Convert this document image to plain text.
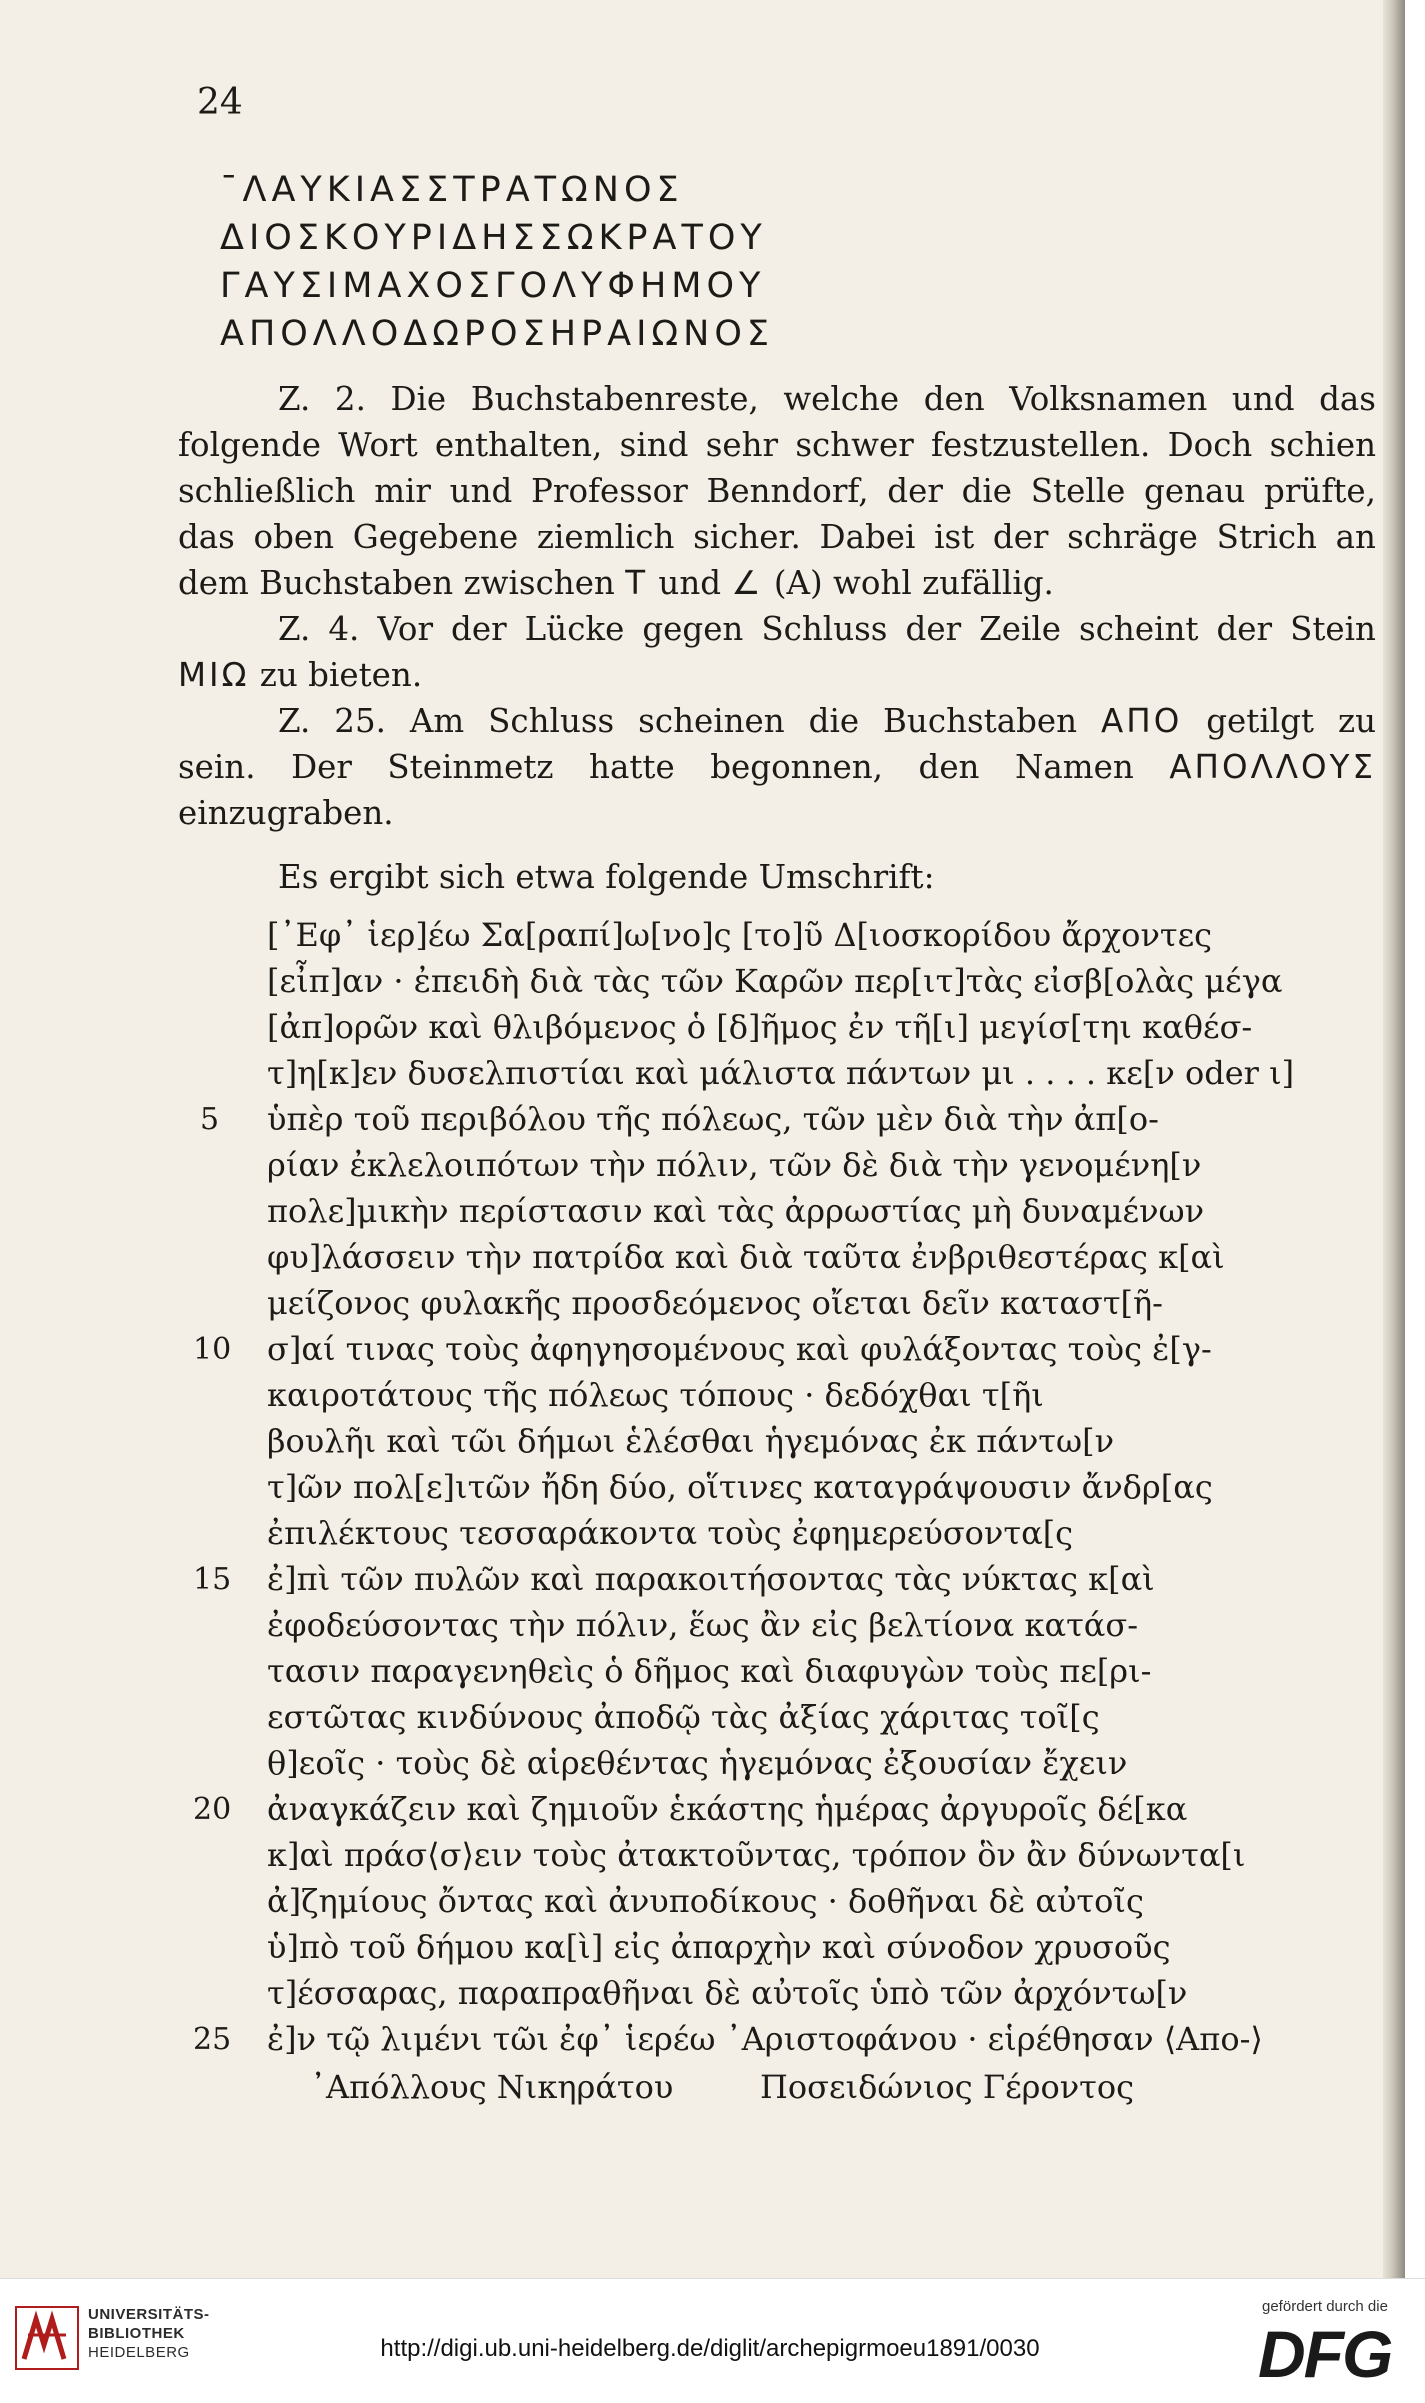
24
ˉΛΑΥΚΙΑΣΣΤΡΑΤΩΝΟΣ
ΔΙΟΣΚΟΥΡΙΔΗΣΣΩΚΡΑΤΟΥ
ΓΑΥΣΙΜΑΧΟΣΓΟΛΥΦΗΜΟΥ
ΑΠΟΛΛΟΔΩΡΟΣΗΡΑΙΩΝΟΣ
Z. 2. Die Buchstabenreste, welche den Volksnamen und das
folgende Wort enthalten, sind sehr schwer festzustellen. Doch schien
schließlich mir und Professor Benndorf, der die Stelle genau prüfte,
das oben Gegebene ziemlich sicher. Dabei ist der schräge Strich an
dem Buchstaben zwischen T und ∠ (A) wohl zufällig.
Z. 4. Vor der Lücke gegen Schluss der Zeile scheint der Stein
ΜΙΩ zu bieten.
Z. 25. Am Schluss scheinen die Buchstaben ΑΠΟ getilgt zu
sein. Der Steinmetz hatte begonnen, den Namen ΑΠΟΛΛΟΥΣ
einzugraben.
Es ergibt sich etwa folgende Umschrift:
[᾿Εφ᾿ ἱερ]έω Σα[ραπί]ω[νο]ς [το]ῦ Δ[ιοσκορίδου ἄρχοντες
[εἶπ]αν · ἐπειδὴ διὰ τὰς τῶν Καρῶν περ[ιτ]τὰς εἰσβ[ολὰς μέγα
[ἀπ]ορῶν καὶ θλιβόμενος ὁ [δ]ῆμος ἐν τῆ[ι] μεγίσ[τηι καθέσ-
τ]η[κ]εν δυσελπιστίαι καὶ μάλιστα πάντων μι . . . . κε[ν oder ι]
ὑπὲρ τοῦ περιβόλου τῆς πόλεως, τῶν μὲν διὰ τὴν ἀπ[ο-
ρίαν ἐκλελοιπότων τὴν πόλιν, τῶν δὲ διὰ τὴν γενομένη[ν
πολε]μικὴν περίστασιν καὶ τὰς ἀρρωστίας μὴ δυναμένων
φυ]λάσσειν τὴν πατρίδα καὶ διὰ ταῦτα ἐνβριθεστέρας κ[αὶ
μείζονος φυλακῆς προσδεόμενος οἴεται δεῖν καταστ[ῆ-
σ]αί τινας τοὺς ἀφηγησομένους καὶ φυλάξοντας τοὺς ἐ[γ-
καιροτάτους τῆς πόλεως τόπους · δεδόχθαι τ[ῆι
βουλῆι καὶ τῶι δήμωι ἑλέσθαι ἡγεμόνας ἐκ πάντω[ν
τ]ῶν πολ[ε]ιτῶν ἤδη δύο, οἵτινες καταγράψουσιν ἄνδρ[ας
ἐπιλέκτους τεσσαράκοντα τοὺς ἐφημερεύσοντα[ς
ἐ]πὶ τῶν πυλῶν καὶ παρακοιτήσοντας τὰς νύκτας κ[αὶ
ἐφοδεύσοντας τὴν πόλιν, ἕως ἂν εἰς βελτίονα κατάσ-
τασιν παραγενηθεὶς ὁ δῆμος καὶ διαφυγὼν τοὺς πε[ρι-
εστῶτας κινδύνους ἀποδῷ τὰς ἀξίας χάριτας τοῖ[ς
θ]εοῖς · τοὺς δὲ αἱρεθέντας ἡγεμόνας ἐξουσίαν ἔχειν
ἀναγκάζειν καὶ ζημιοῦν ἑκάστης ἡμέρας ἀργυροῖς δέ[κα
κ]αὶ πράσ⟨σ⟩ειν τοὺς ἀτακτοῦντας, τρόπον ὃν ἂν δύνωντα[ι
ἀ]ζημίους ὄντας καὶ ἀνυποδίκους · δοθῆναι δὲ αὐτοῖς
ὑ]πὸ τοῦ δήμου κα[ὶ] εἰς ἀπαρχὴν καὶ σύνοδον χρυσοῦς
τ]έσσαρας, παραπραθῆναι δὲ αὐτοῖς ὑπὸ τῶν ἀρχόντω[ν
ἐ]ν τῷ λιμένι τῶι ἐφ᾿ ἱερέω ᾿Αριστοφάνου · εἱρέθησαν ⟨Απο-⟩
᾿Απόλλους Νικηράτου	Ποσειδώνιος Γέροντος
5
10
15
20
25
UNIVERSITÄTS-
BIBLIOTHEK
HEIDELBERG	http://digi.ub.uni-heidelberg.de/diglit/archepigrmoeu1891/0030
gefördert durch die
DFG
